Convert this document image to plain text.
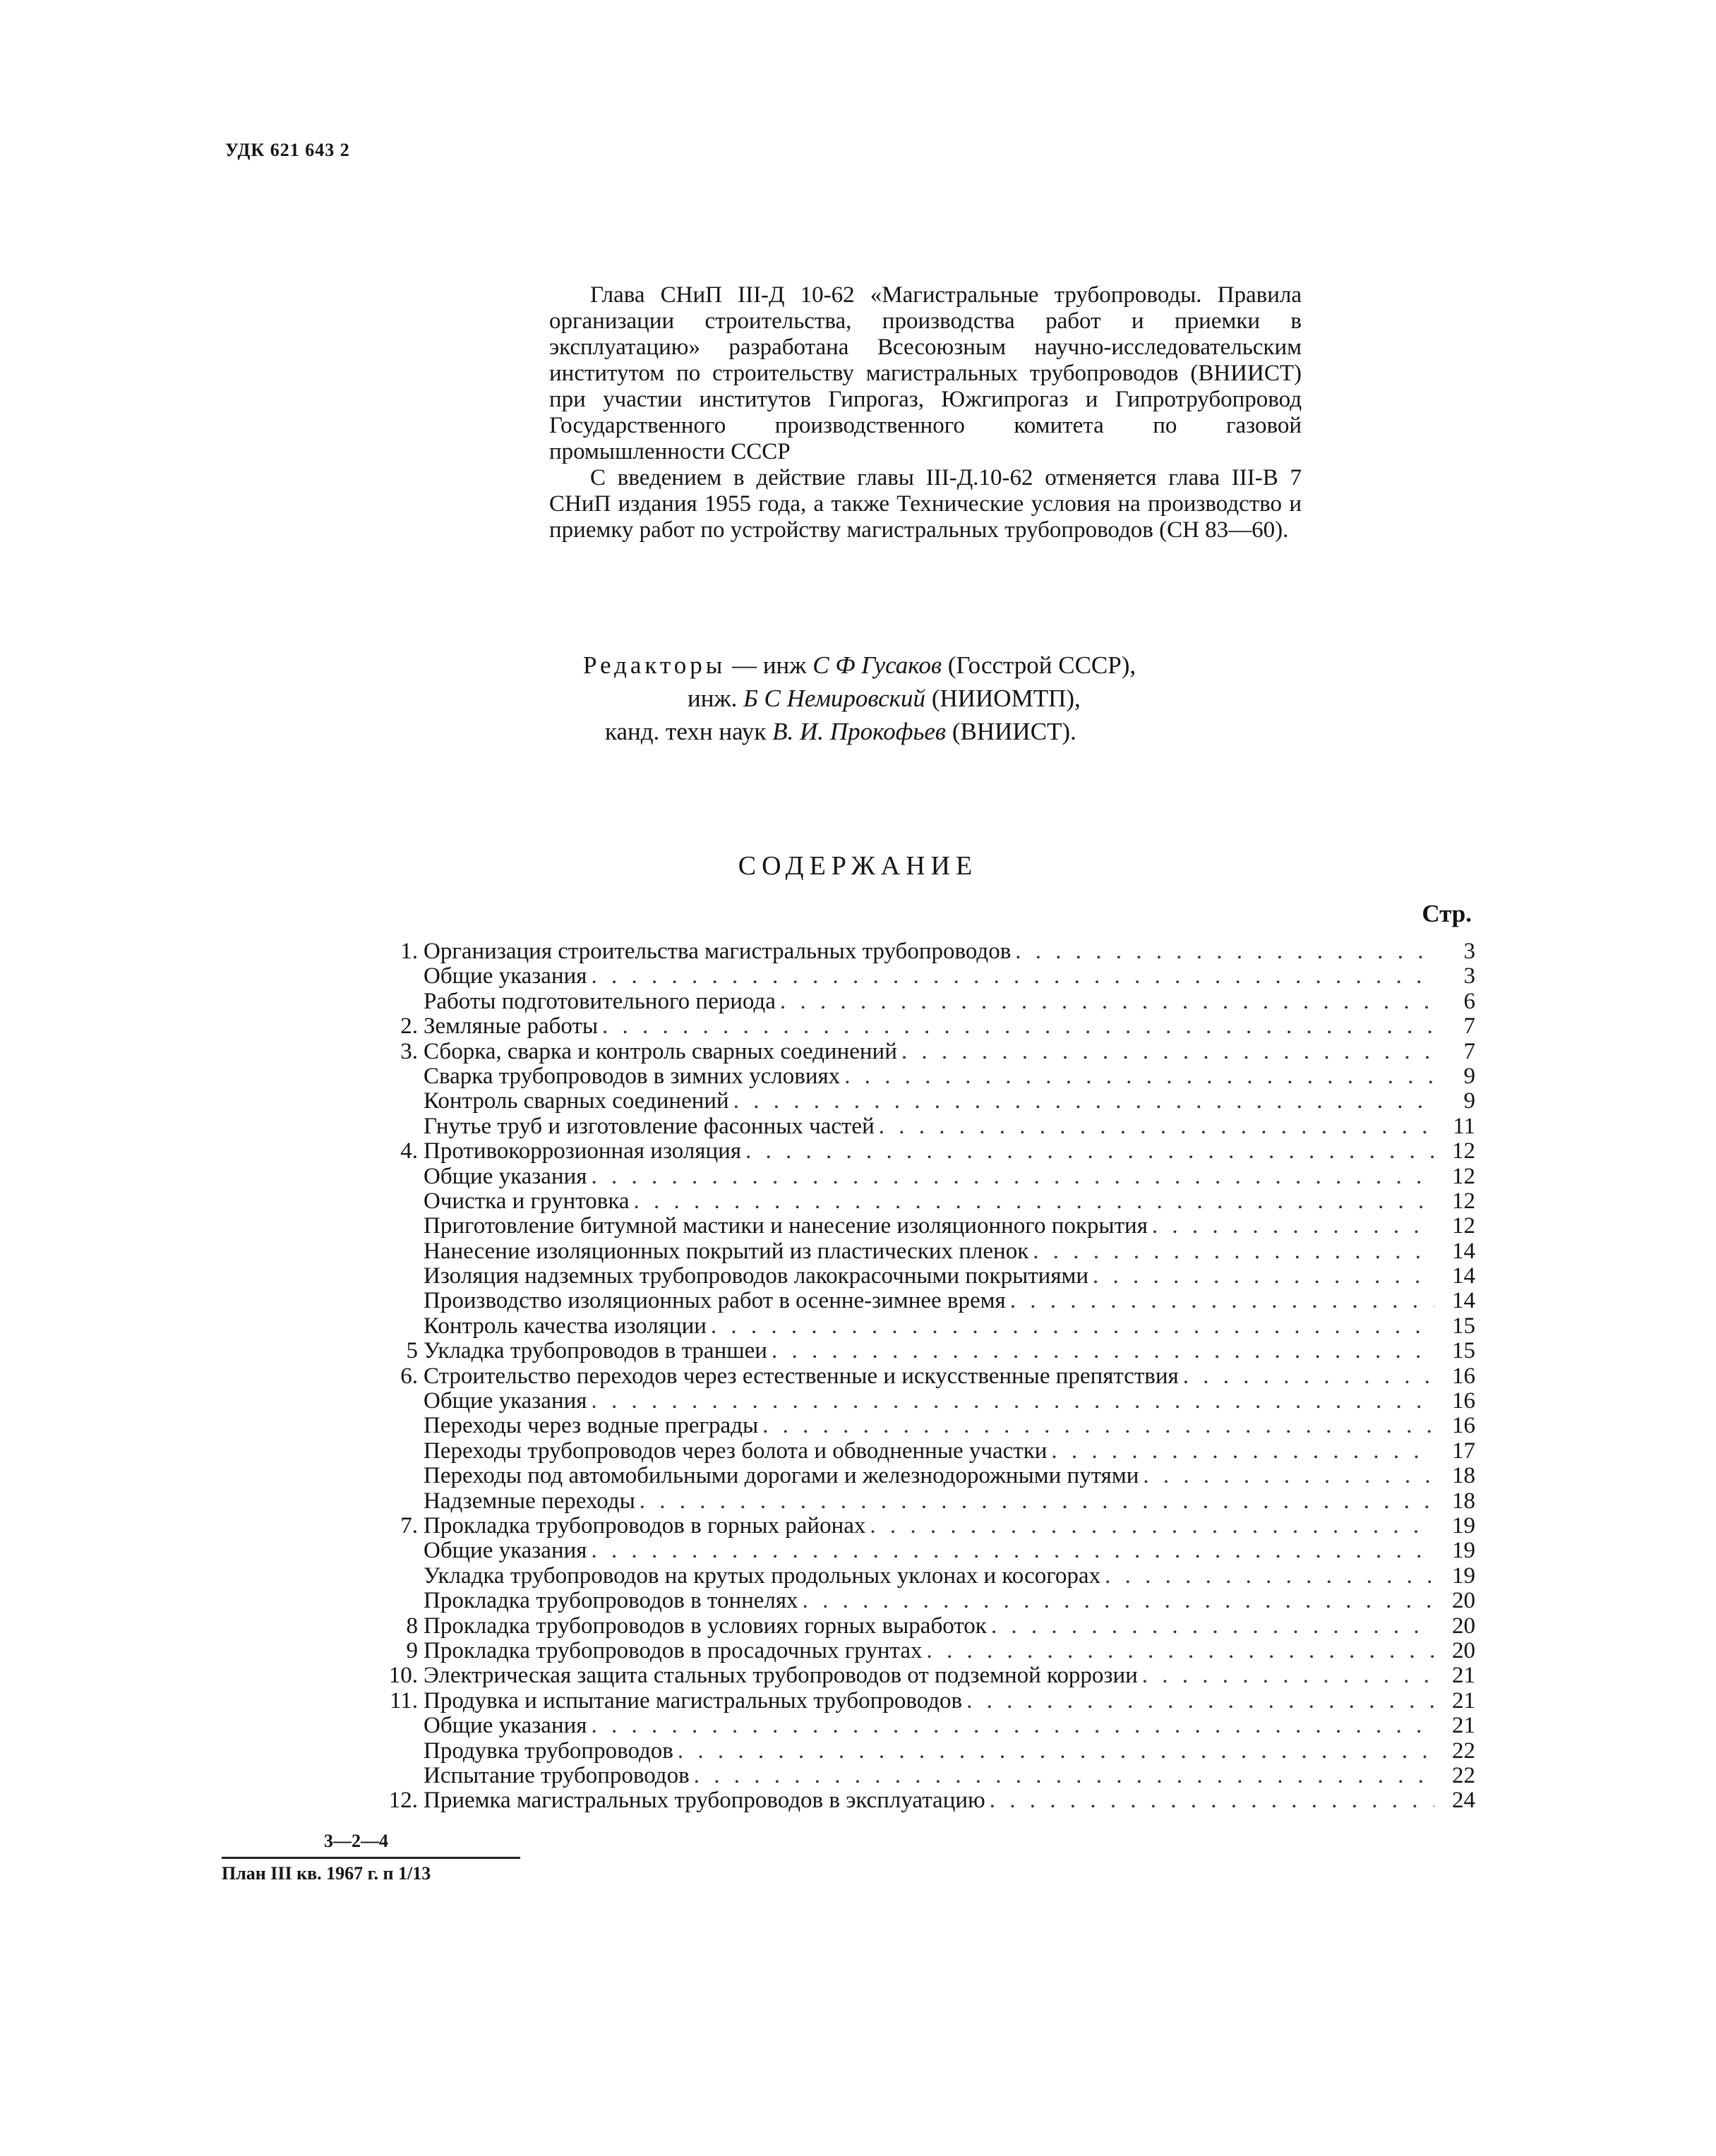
УДК 621 643 2

Глава СНиП III-Д 10-62 «Магистральные трубопроводы. Правила организации строительства, производства работ и приемки в эксплуатацию» разработана Всесоюзным научно-исследовательским институтом по строительству магистральных трубопроводов (ВНИИСТ) при участии институтов Гипрогаз, Южгипрогаз и Гипротрубопровод Государственного производственного комитета по газовой промышленности СССР

С введением в действие главы III-Д.10-62 отменяется глава III-В 7 СНиП издания 1955 года, а также Технические условия на производство и приемку работ по устройству магистральных трубопроводов (СН 83—60).

Редакторы — инж С Ф Гусаков (Госстрой СССР),
инж. Б С Немировский (НИИОМТП),
канд. техн наук В. И. Прокофьев (ВНИИСТ).
СОДЕРЖАНИЕ
Стр.
1. Организация строительства магистральных трубопроводов . . .	3
Общие указания . . .	3
Работы подготовительного периода . . .	6
2. Земляные работы . . .	7
3. Сборка, сварка и контроль сварных соединений . . .	7
Сварка трубопроводов в зимних условиях . . .	9
Контроль сварных соединений . . .	9
Гнутье труб и изготовление фасонных частей . . .	11
4. Противокоррозионная изоляция . . .	12
Общие указания . . .	12
Очистка и грунтовка . . .	12
Приготовление битумной мастики и нанесение изоляционного покрытия . . .	12
Нанесение изоляционных покрытий из пластических пленок . . .	14
Изоляция надземных трубопроводов лакокрасочными покрытиями . . .	14
Производство изоляционных работ в осенне-зимнее время . . .	14
Контроль качества изоляции . . .	15
5 Укладка трубопроводов в траншеи . . .	15
6. Строительство переходов через естественные и искусственные препятствия . . .	16
Общие указания . . .	16
Переходы через водные преграды . . .	16
Переходы трубопроводов через болота и обводненные участки . . .	17
Переходы под автомобильными дорогами и железнодорожными путями . . .	18
Надземные переходы . . .	18
7. Прокладка трубопроводов в горных районах . . .	19
Общие указания . . .	19
Укладка трубопроводов на крутых продольных уклонах и косогорах . . .	19
Прокладка трубопроводов в тоннелях . . .	20
8 Прокладка трубопроводов в условиях горных выработок . . .	20
9 Прокладка трубопроводов в просадочных грунтах . . .	20
10. Электрическая защита стальных трубопроводов от подземной коррозии . . .	21
11. Продувка и испытание магистральных трубопроводов . . .	21
Общие указания . . .	21
Продувка трубопроводов . . .	22
Испытание трубопроводов . . .	22
12. Приемка магистральных трубопроводов в эксплуатацию . . .	24
3—2—4
План III кв. 1967 г. п 1/13
